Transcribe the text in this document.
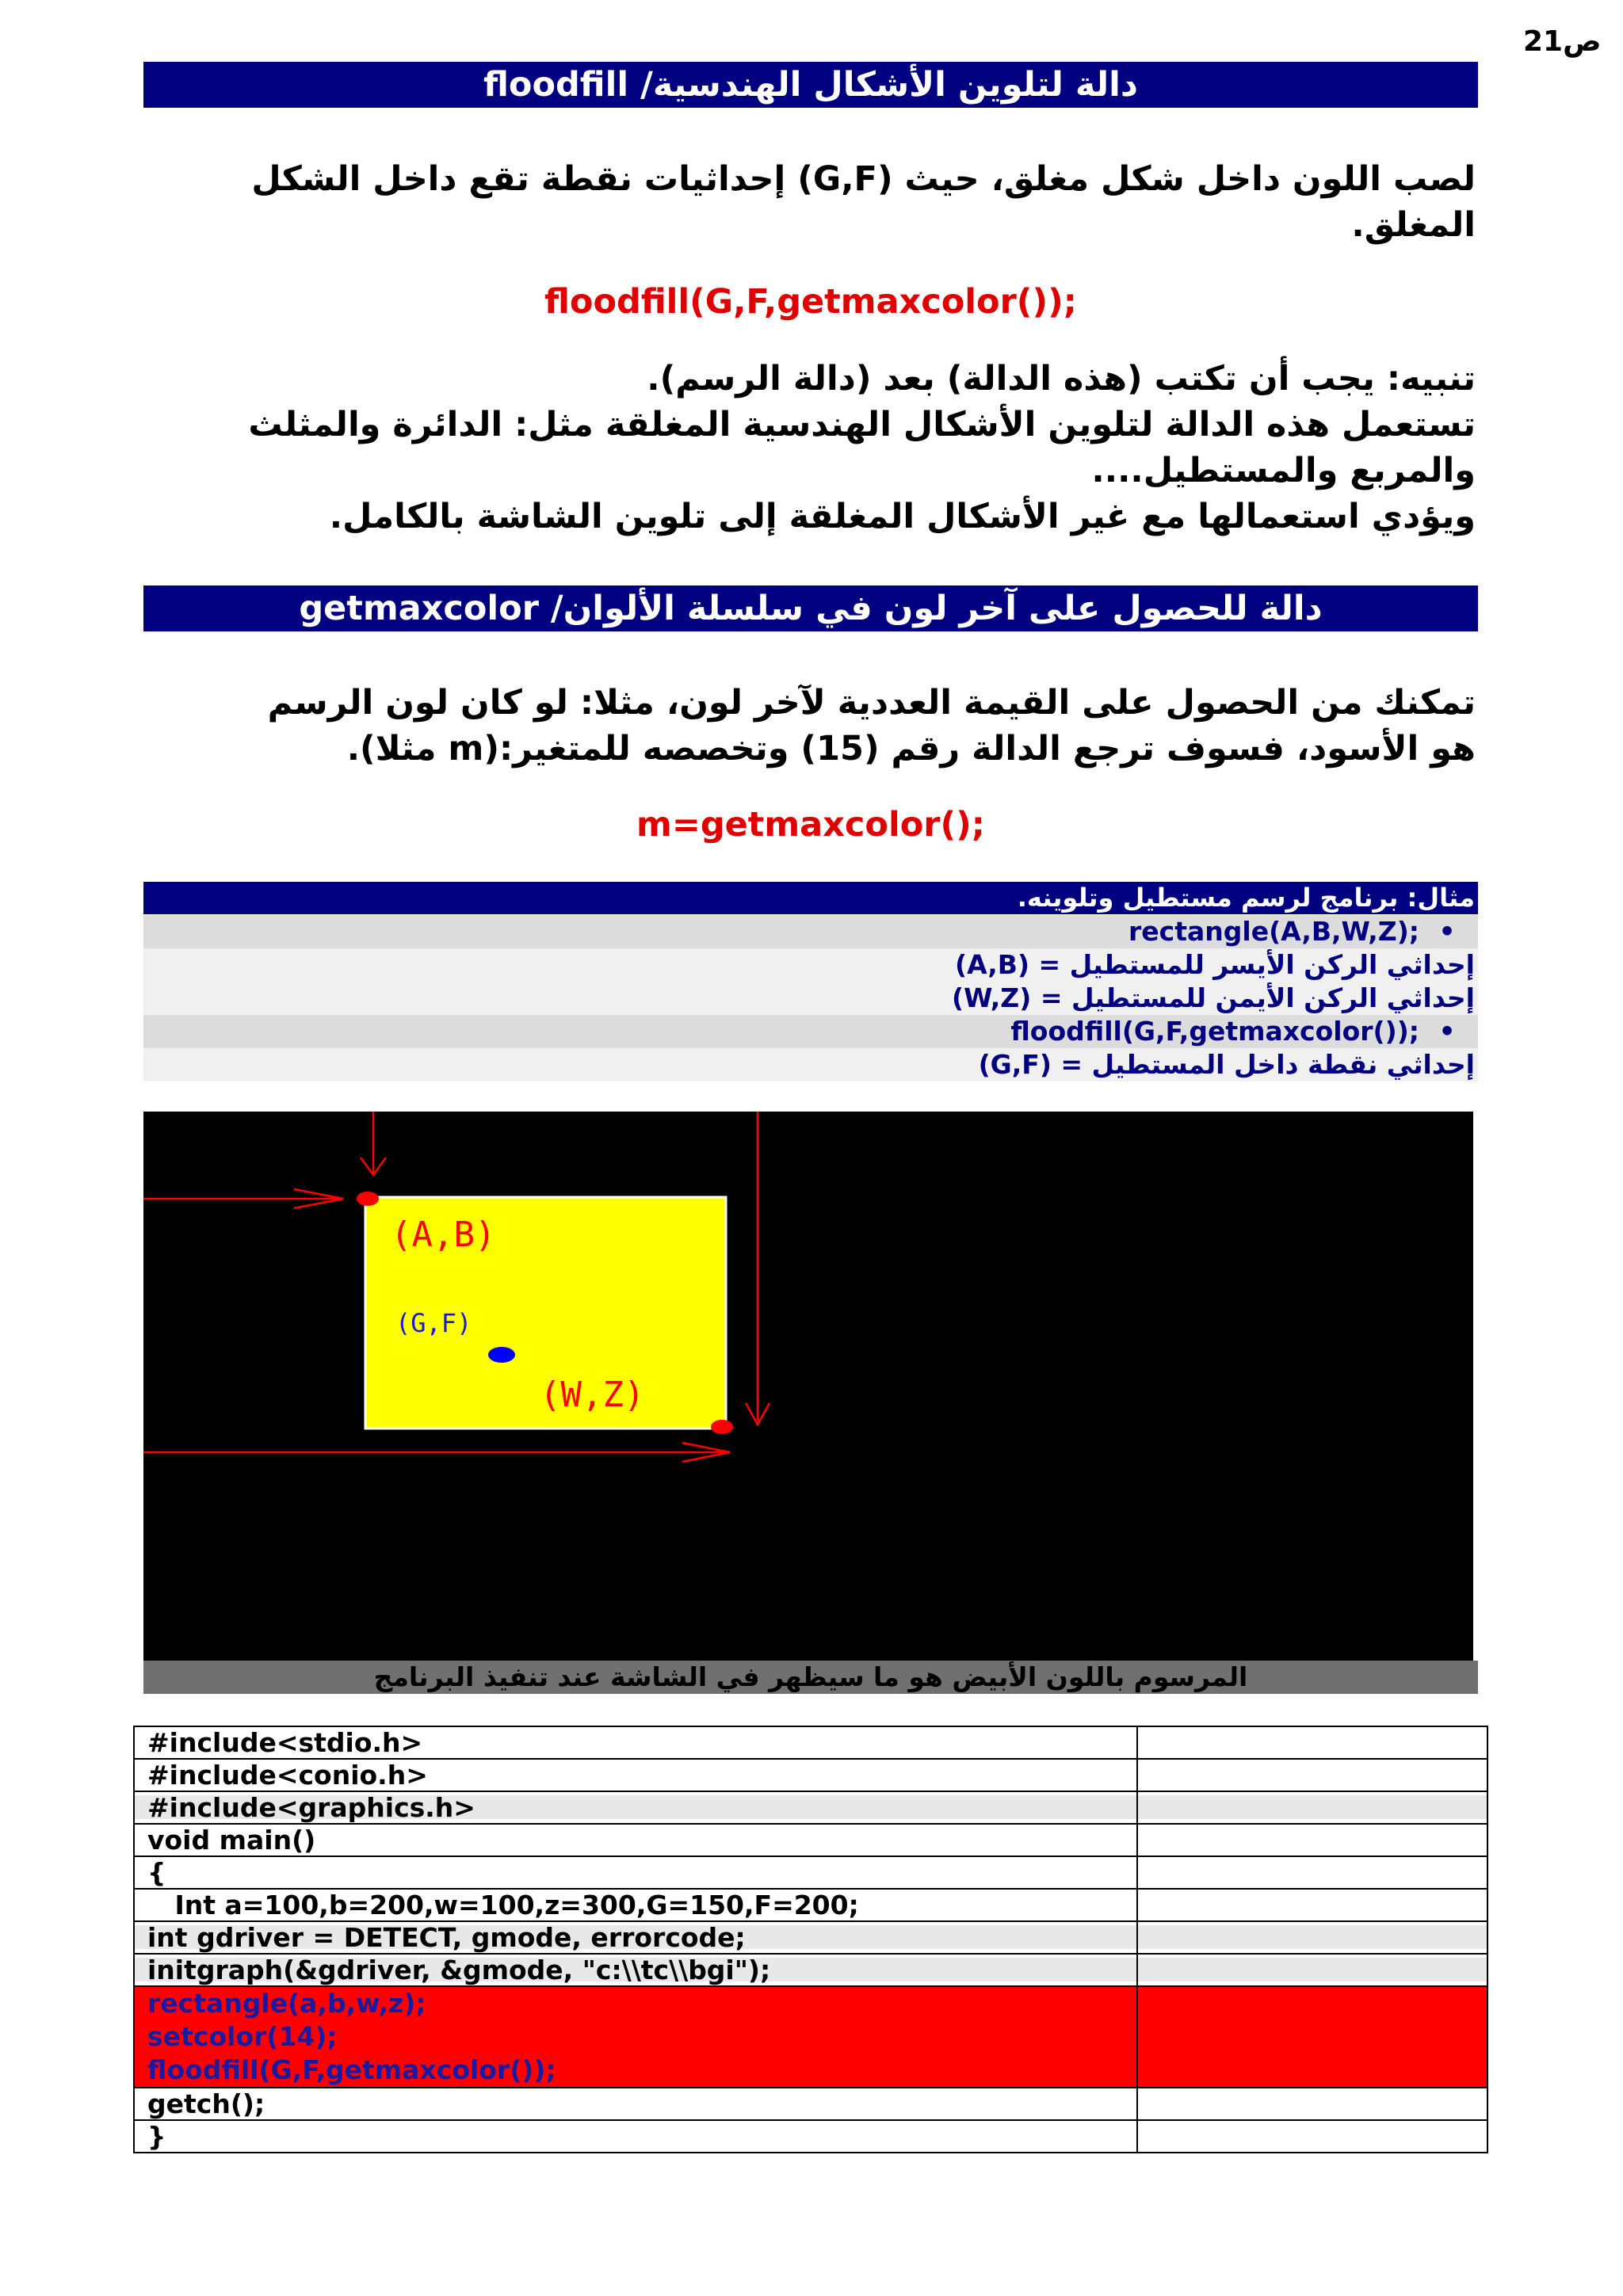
ص21
دالة لتلوين الأشكال الهندسية/ floodfill
لصب اللون داخل شكل مغلق، حيث (G,F) إحداثيات نقطة تقع داخل الشكل
المغلق.
floodfill(G,F,getmaxcolor());
تنبيه: يجب أن تكتب (هذه الدالة) بعد (دالة الرسم).
تستعمل هذه الدالة لتلوين الأشكال الهندسية المغلقة مثل: الدائرة والمثلث
والمربع والمستطيل....
ويؤدي استعمالها مع غير الأشكال المغلقة إلى تلوين الشاشة بالكامل.
دالة للحصول على آخر لون في سلسلة الألوان/ getmaxcolor
تمكنك من الحصول على القيمة العددية لآخر لون، مثلا: لو كان لون الرسم
هو الأسود، فسوف ترجع الدالة رقم (15) وتخصصه للمتغير:(m مثلا).
m=getmaxcolor();
مثال: برنامج لرسم مستطيل وتلوينه.
•rectangle(A,B,W,Z);
إحداثي الركن الأيسر للمستطيل = (A,B)
إحداثي الركن الأيمن للمستطيل = (W,Z)
•floodfill(G,F,getmaxcolor());
إحداثي نقطة داخل المستطيل = (G,F)
(A,B)
(G,F)
(W,Z)
المرسوم باللون الأبيض هو ما سيظهر في الشاشة عند تنفيذ البرنامج
#include<stdio.h>	
#include<conio.h>	
#include<graphics.h>	
void main()	
{	
Int a=100,b=200,w=100,z=300,G=150,F=200;	
int gdriver = DETECT, gmode, errorcode;	
initgraph(&gdriver, &gmode, "c:\\tc\\bgi");	

rectangle(a,b,w,z);
setcolor(14);
floodfill(G,F,getmaxcolor());	

getch();	
}	
